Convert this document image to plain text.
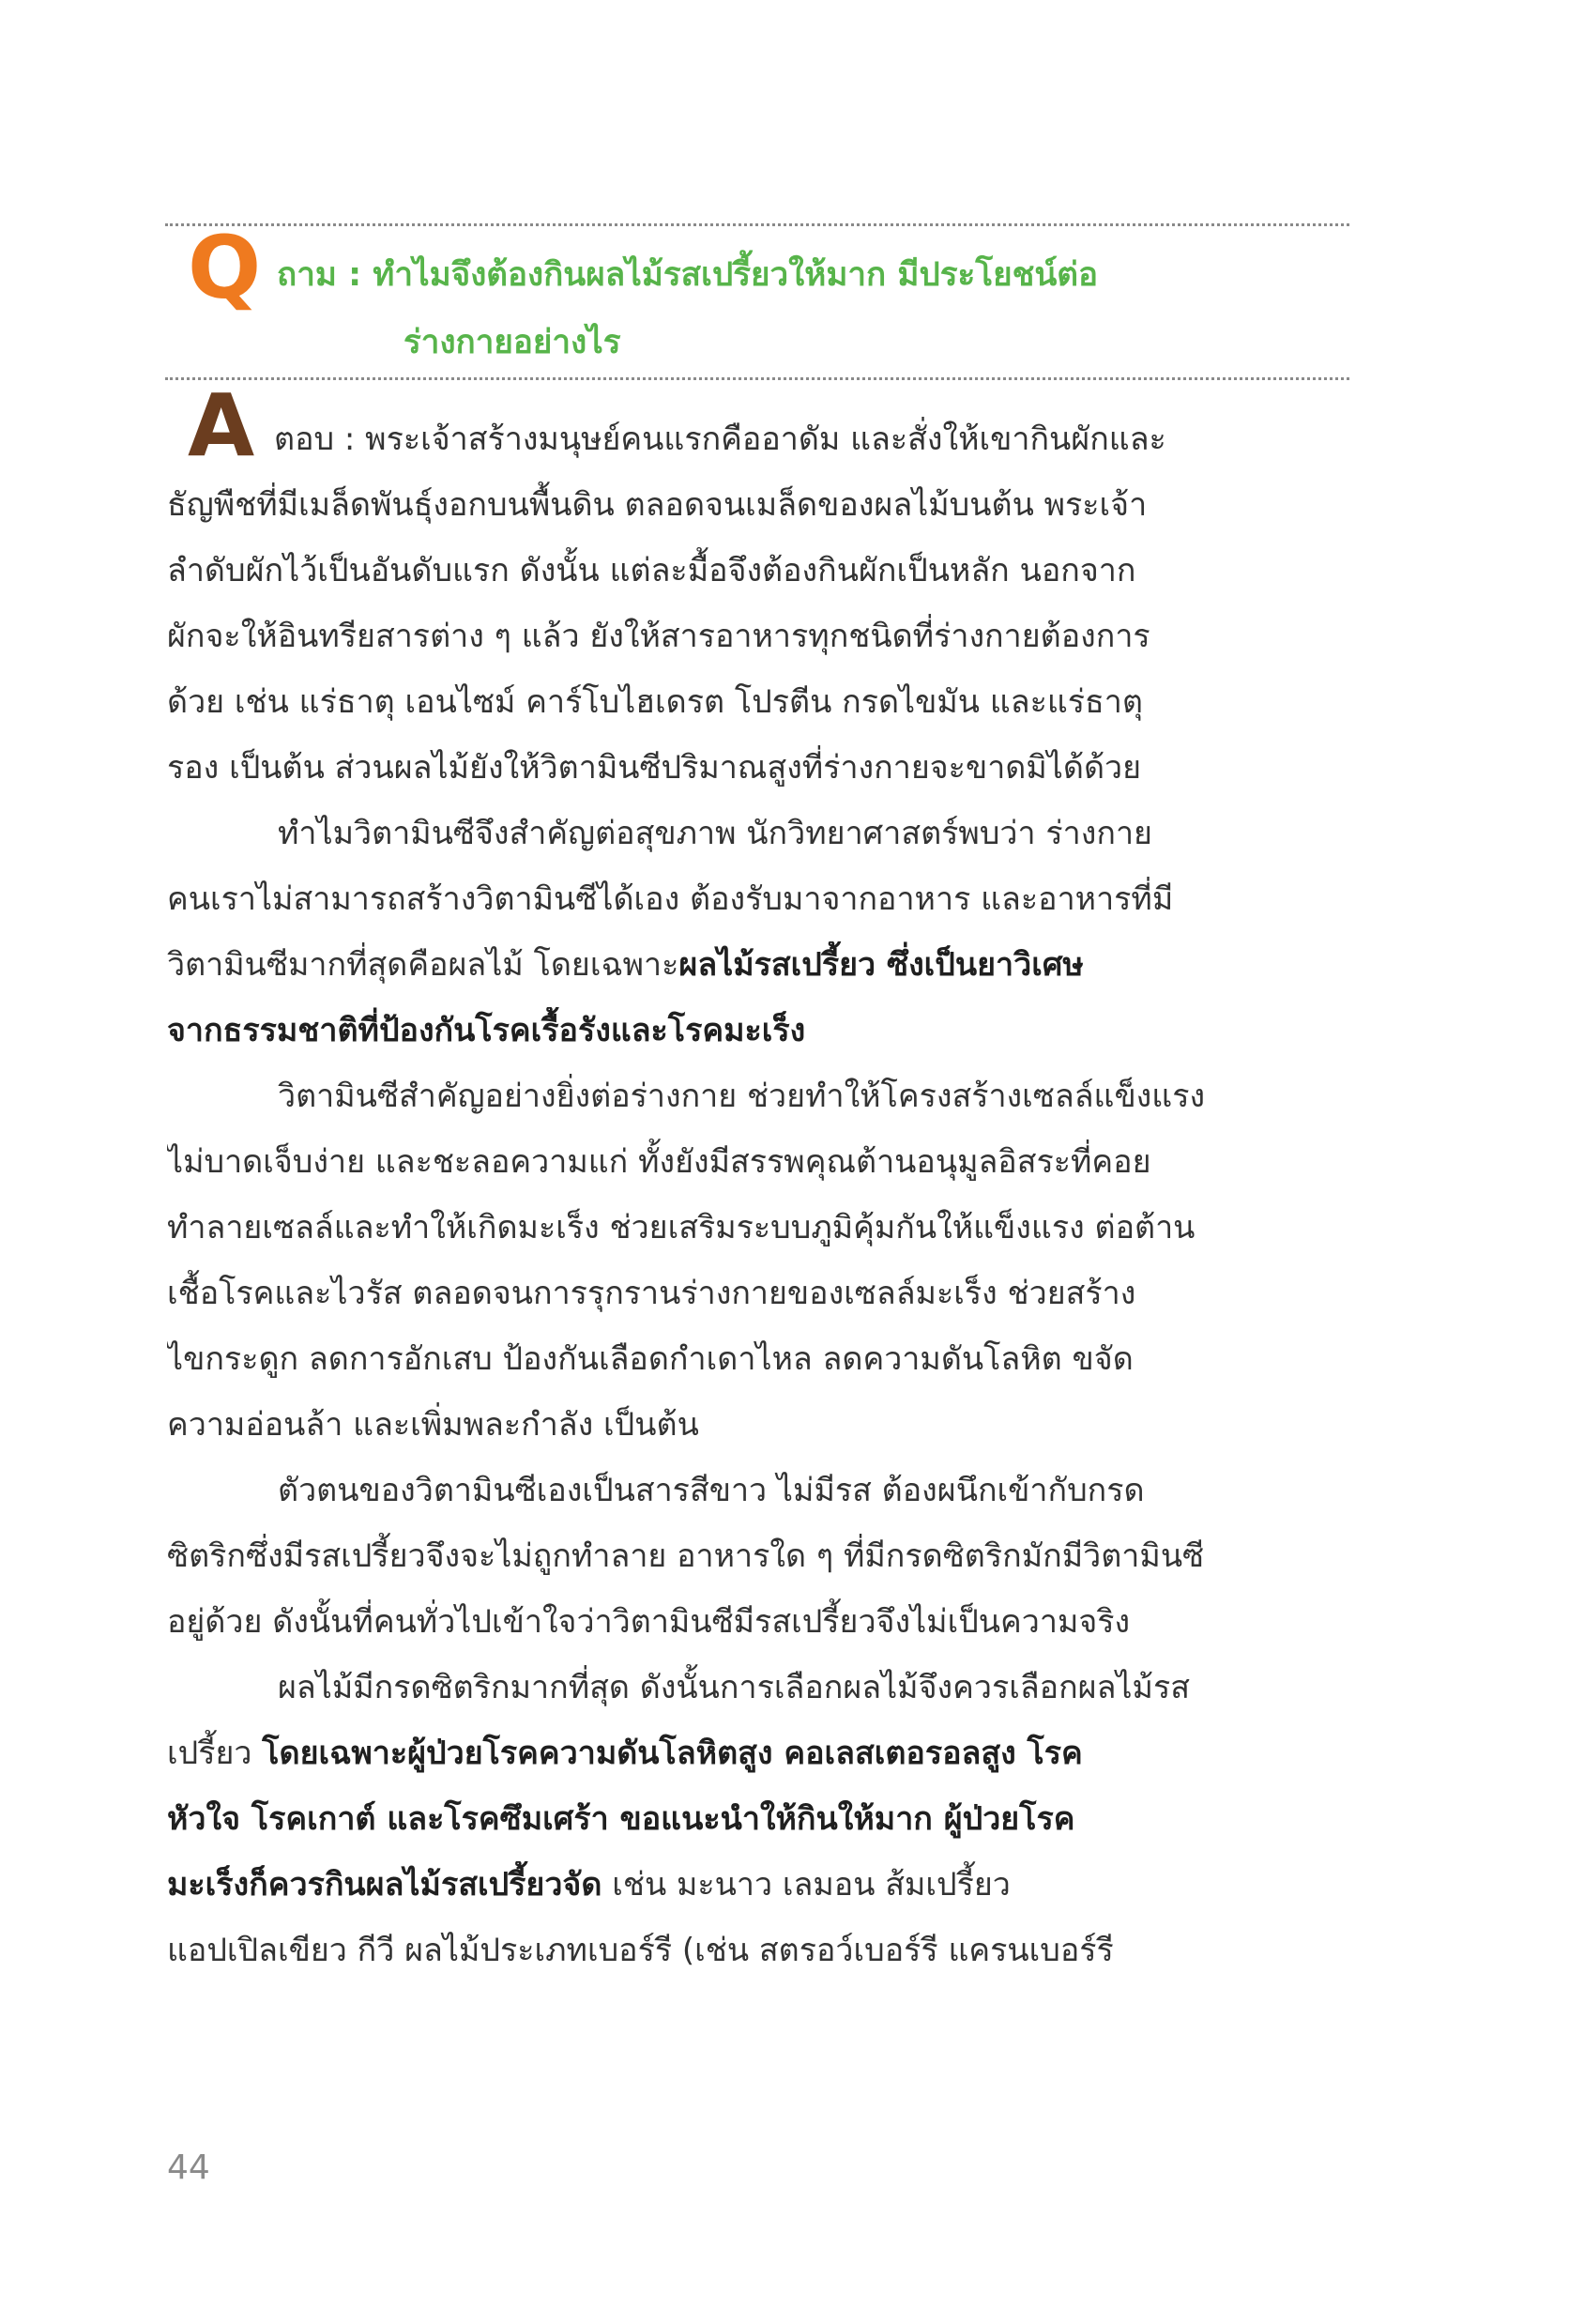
Q ถาม : ทำไมจึงต้องกินผลไม้รสเปรี้ยวให้มาก มีประโยชน์ต่อ
ร่างกายอย่างไร
A ตอบ : พระเจ้าสร้างมนุษย์คนแรกคืออาดัม และสั่งให้เขากินผักและ
ธัญพืชที่มีเมล็ดพันธุ์งอกบนพื้นดิน ตลอดจนเมล็ดของผลไม้บนต้น พระเจ้า
ลำดับผักไว้เป็นอันดับแรก ดังนั้น แต่ละมื้อจึงต้องกินผักเป็นหลัก นอกจาก
ผักจะให้อินทรียสารต่าง ๆ แล้ว ยังให้สารอาหารทุกชนิดที่ร่างกายต้องการ
ด้วย เช่น แร่ธาตุ เอนไซม์ คาร์โบไฮเดรต โปรตีน กรดไขมัน และแร่ธาตุ
รอง เป็นต้น ส่วนผลไม้ยังให้วิตามินซีปริมาณสูงที่ร่างกายจะขาดมิได้ด้วย
ทำไมวิตามินซีจึงสำคัญต่อสุขภาพ นักวิทยาศาสตร์พบว่า ร่างกาย
คนเราไม่สามารถสร้างวิตามินซีได้เอง ต้องรับมาจากอาหาร และอาหารที่มี
วิตามินซีมากที่สุดคือผลไม้ โดยเฉพาะผลไม้รสเปรี้ยว ซึ่งเป็นยาวิเศษ
จากธรรมชาติที่ป้องกันโรคเรื้อรังและโรคมะเร็ง
วิตามินซีสำคัญอย่างยิ่งต่อร่างกาย ช่วยทำให้โครงสร้างเซลล์แข็งแรง
ไม่บาดเจ็บง่าย และชะลอความแก่ ทั้งยังมีสรรพคุณต้านอนุมูลอิสระที่คอย
ทำลายเซลล์และทำให้เกิดมะเร็ง ช่วยเสริมระบบภูมิคุ้มกันให้แข็งแรง ต่อต้าน
เชื้อโรคและไวรัส ตลอดจนการรุกรานร่างกายของเซลล์มะเร็ง ช่วยสร้าง
ไขกระดูก ลดการอักเสบ ป้องกันเลือดกำเดาไหล ลดความดันโลหิต ขจัด
ความอ่อนล้า และเพิ่มพละกำลัง เป็นต้น
ตัวตนของวิตามินซีเองเป็นสารสีขาว ไม่มีรส ต้องผนึกเข้ากับกรด
ซิตริกซึ่งมีรสเปรี้ยวจึงจะไม่ถูกทำลาย อาหารใด ๆ ที่มีกรดซิตริกมักมีวิตามินซี
อยู่ด้วย ดังนั้นที่คนทั่วไปเข้าใจว่าวิตามินซีมีรสเปรี้ยวจึงไม่เป็นความจริง
ผลไม้มีกรดซิตริกมากที่สุด ดังนั้นการเลือกผลไม้จึงควรเลือกผลไม้รส
เปรี้ยว โดยเฉพาะผู้ป่วยโรคความดันโลหิตสูง คอเลสเตอรอลสูง โรค
หัวใจ โรคเกาต์ และโรคซึมเศร้า ขอแนะนำให้กินให้มาก ผู้ป่วยโรค
มะเร็งก็ควรกินผลไม้รสเปรี้ยวจัด เช่น มะนาว เลมอน ส้มเปรี้ยว
แอปเปิลเขียว กีวี ผลไม้ประเภทเบอร์รี (เช่น สตรอว์เบอร์รี แครนเบอร์รี
44
